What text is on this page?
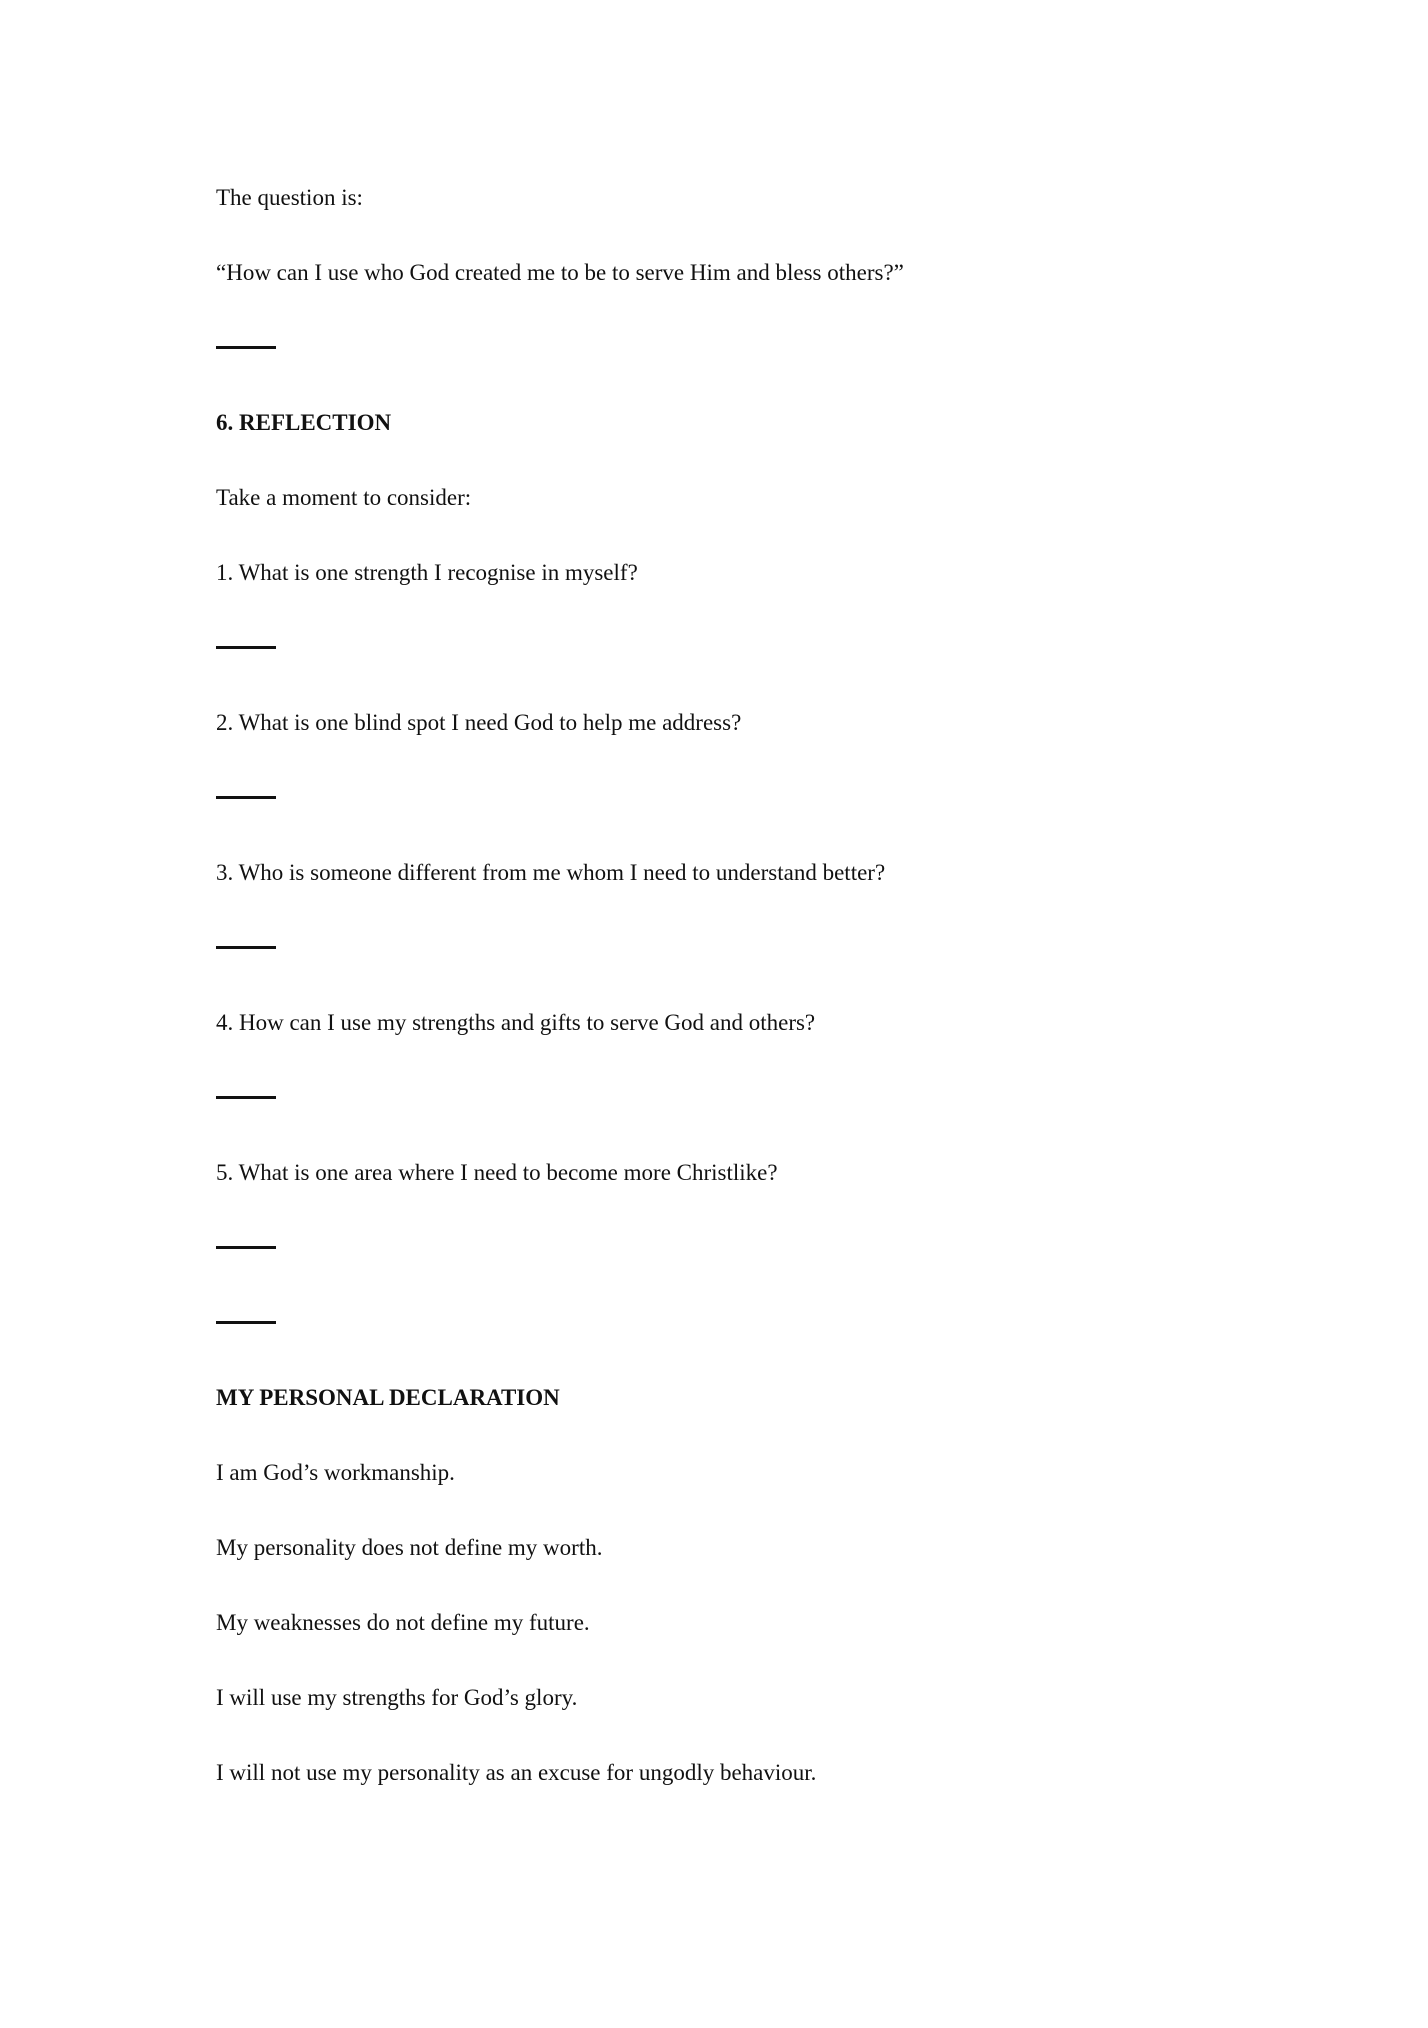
The question is:
“How can I use who God created me to be to serve Him and bless others?”
6. REFLECTION
Take a moment to consider:
1. What is one strength I recognise in myself?
2. What is one blind spot I need God to help me address?
3. Who is someone different from me whom I need to understand better?
4. How can I use my strengths and gifts to serve God and others?
5. What is one area where I need to become more Christlike?
MY PERSONAL DECLARATION
I am God’s workmanship.
My personality does not define my worth.
My weaknesses do not define my future.
I will use my strengths for God’s glory.
I will not use my personality as an excuse for ungodly behaviour.
